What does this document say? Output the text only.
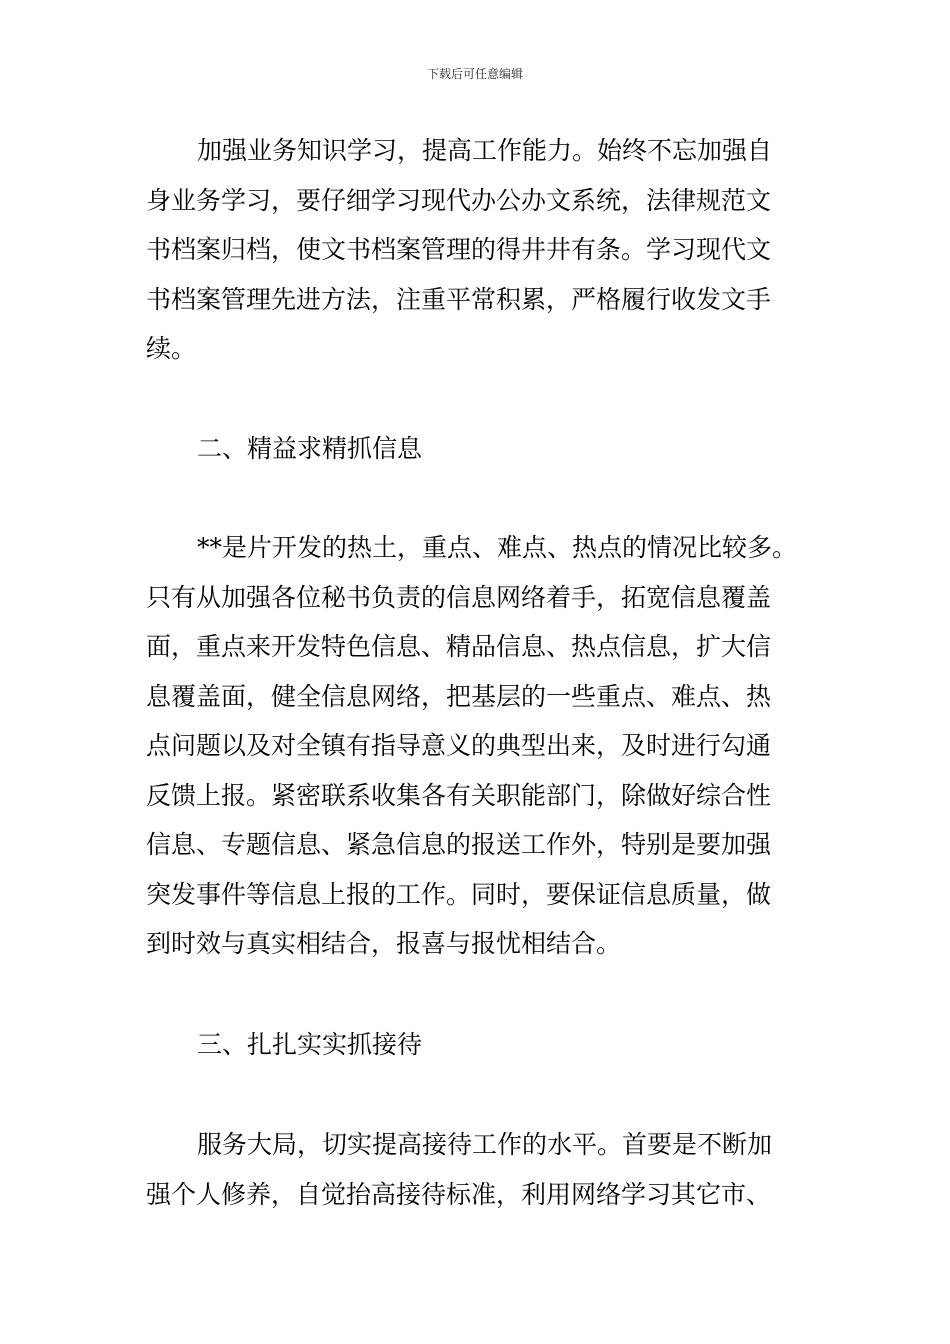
下载后可任意编辑
加强业务知识学习，提高工作能力。始终不忘加强自
身业务学习，要仔细学习现代办公办文系统，法律规范文
书档案归档，使文书档案管理的得井井有条。学习现代文
书档案管理先进方法，注重平常积累，严格履行收发文手
续。
二、精益求精抓信息
**是片开发的热土，重点、难点、热点的情况比较多。
只有从加强各位秘书负责的信息网络着手，拓宽信息覆盖
面，重点来开发特色信息、精品信息、热点信息，扩大信
息覆盖面，健全信息网络，把基层的一些重点、难点、热
点问题以及对全镇有指导意义的典型出来，及时进行勾通
反馈上报。紧密联系收集各有关职能部门，除做好综合性
信息、专题信息、紧急信息的报送工作外，特别是要加强
突发事件等信息上报的工作。同时，要保证信息质量，做
到时效与真实相结合，报喜与报忧相结合。
三、扎扎实实抓接待
服务大局，切实提高接待工作的水平。首要是不断加
强个人修养，自觉抬高接待标准，利用网络学习其它市、
